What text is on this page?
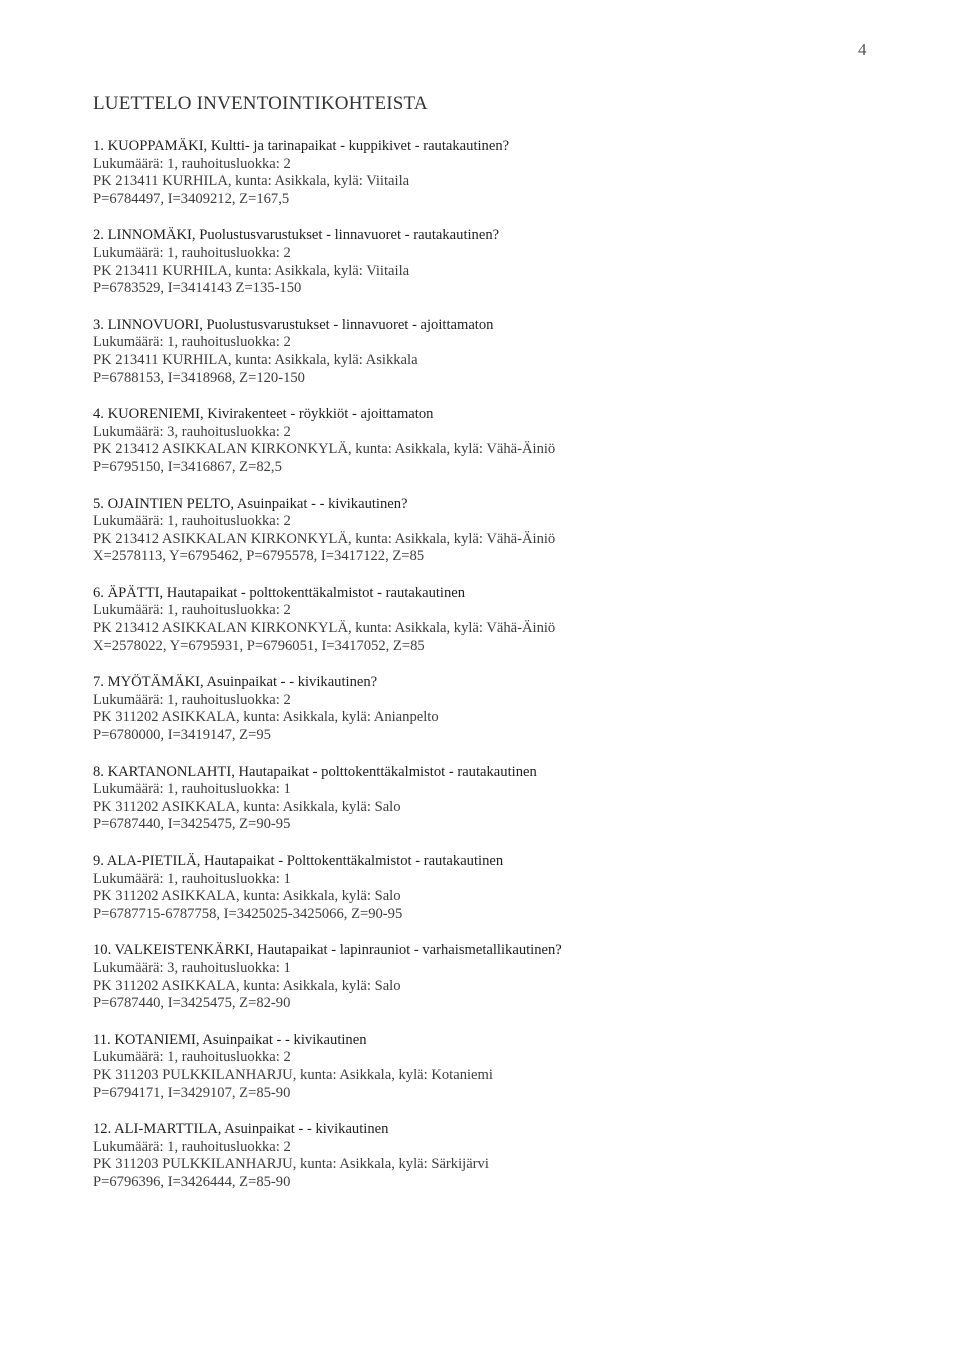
4
LUETTELO INVENTOINTIKOHTEISTA
1. KUOPPAMÄKI, Kultti- ja tarinapaikat - kuppikivet - rautakautinen?
Lukumäärä: 1, rauhoitusluokka: 2
PK 213411 KURHILA, kunta: Asikkala, kylä: Viitaila
P=6784497, I=3409212, Z=167,5
2. LINNOMÄKI, Puolustusvarustukset - linnavuoret - rautakautinen?
Lukumäärä: 1, rauhoitusluokka: 2
PK 213411 KURHILA, kunta: Asikkala, kylä: Viitaila
P=6783529, I=3414143 Z=135-150
3. LINNOVUORI, Puolustusvarustukset - linnavuoret - ajoittamaton
Lukumäärä: 1, rauhoitusluokka: 2
PK 213411 KURHILA, kunta: Asikkala, kylä: Asikkala
P=6788153, I=3418968, Z=120-150
4. KUORENIEMI, Kivirakenteet - röykkiöt - ajoittamaton
Lukumäärä: 3, rauhoitusluokka: 2
PK 213412 ASIKKALAN KIRKONKYLÄ, kunta: Asikkala, kylä: Vähä-Äiniö
P=6795150, I=3416867, Z=82,5
5. OJAINTIEN PELTO, Asuinpaikat - - kivikautinen?
Lukumäärä: 1, rauhoitusluokka: 2
PK 213412 ASIKKALAN KIRKONKYLÄ, kunta: Asikkala, kylä: Vähä-Äiniö
X=2578113, Y=6795462, P=6795578, I=3417122, Z=85
6. ÄPÄTTI, Hautapaikat - polttokenttäkalmistot - rautakautinen
Lukumäärä: 1, rauhoitusluokka: 2
PK 213412 ASIKKALAN KIRKONKYLÄ, kunta: Asikkala, kylä: Vähä-Äiniö
X=2578022, Y=6795931, P=6796051, I=3417052, Z=85
7. MYÖTÄMÄKI, Asuinpaikat - - kivikautinen?
Lukumäärä: 1, rauhoitusluokka: 2
PK 311202 ASIKKALA, kunta: Asikkala, kylä: Anianpelto
P=6780000, I=3419147, Z=95
8. KARTANONLAHTI, Hautapaikat - polttokenttäkalmistot - rautakautinen
Lukumäärä: 1, rauhoitusluokka: 1
PK 311202 ASIKKALA, kunta: Asikkala, kylä: Salo
P=6787440, I=3425475, Z=90-95
9. ALA-PIETILÄ, Hautapaikat - Polttokenttäkalmistot - rautakautinen
Lukumäärä: 1, rauhoitusluokka: 1
PK 311202 ASIKKALA, kunta: Asikkala, kylä: Salo
P=6787715-6787758, I=3425025-3425066, Z=90-95
10. VALKEISTENKÄRKI, Hautapaikat - lapinrauniot - varhaismetallikautinen?
Lukumäärä: 3, rauhoitusluokka: 1
PK 311202 ASIKKALA, kunta: Asikkala, kylä: Salo
P=6787440, I=3425475, Z=82-90
11. KOTANIEMI, Asuinpaikat - - kivikautinen
Lukumäärä: 1, rauhoitusluokka: 2
PK 311203 PULKKILANHARJU, kunta: Asikkala, kylä: Kotaniemi
P=6794171, I=3429107, Z=85-90
12. ALI-MARTTILA, Asuinpaikat - - kivikautinen
Lukumäärä: 1, rauhoitusluokka: 2
PK 311203 PULKKILANHARJU, kunta: Asikkala, kylä: Särkijärvi
P=6796396, I=3426444, Z=85-90
